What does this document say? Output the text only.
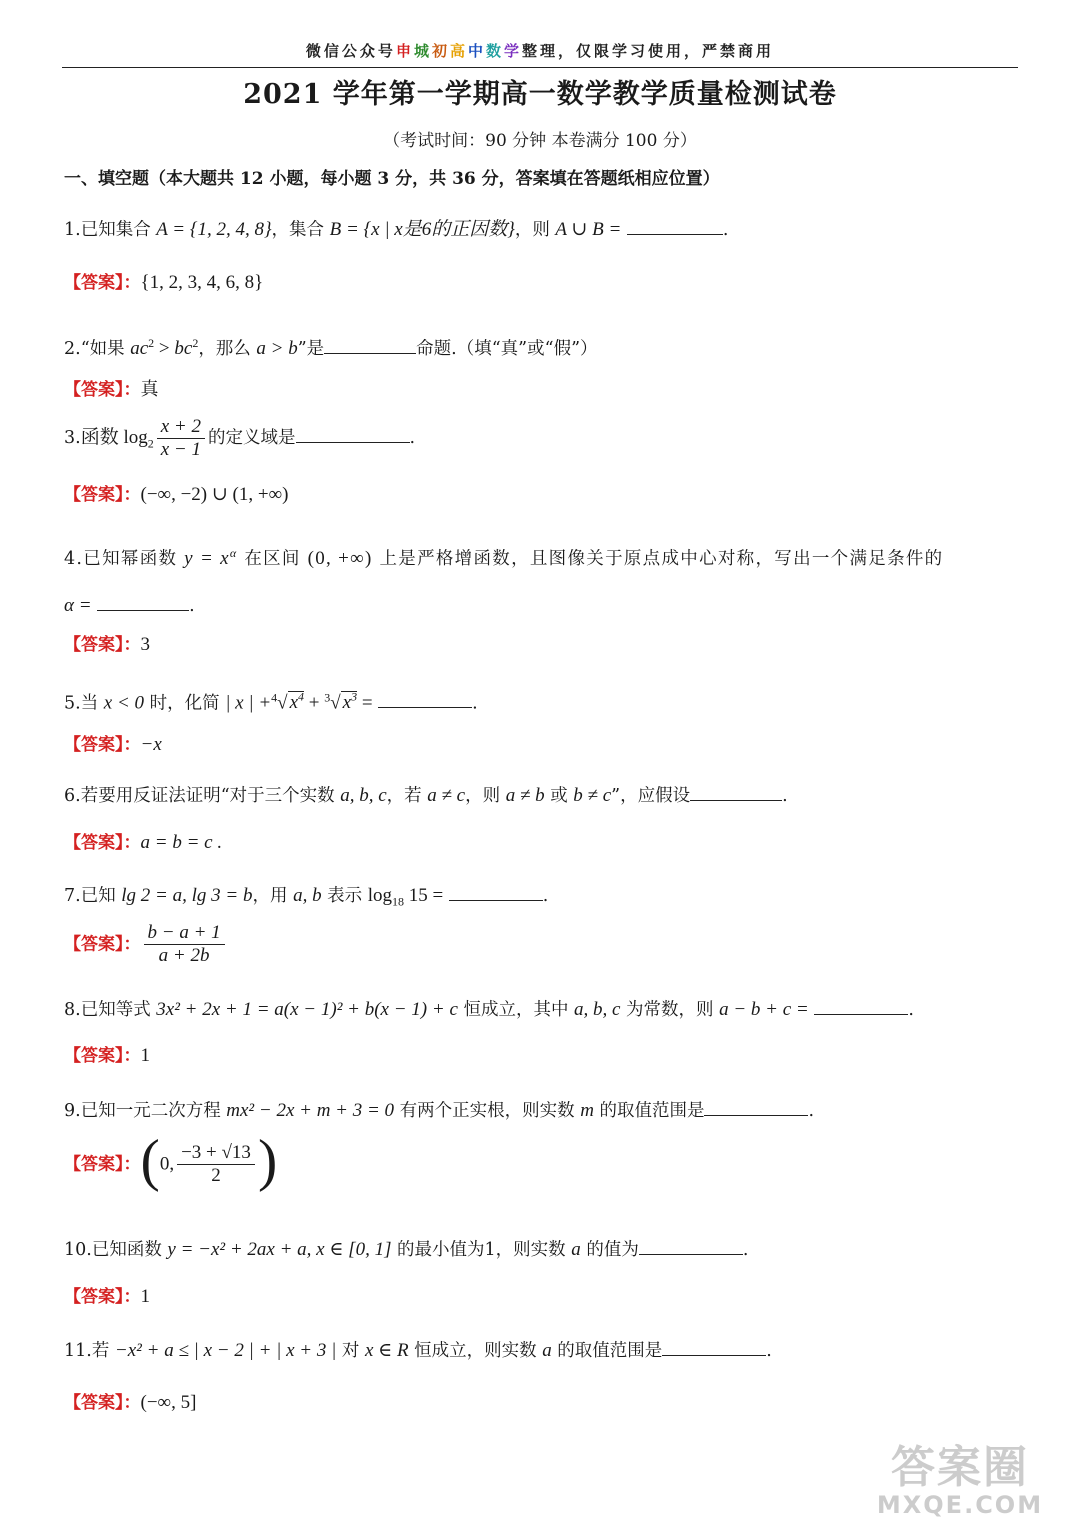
微信公众号申城初高中数学整理，仅限学习使用，严禁商用
2021 学年第一学期高一数学教学质量检测试卷
（考试时间：90 分钟 本卷满分 100 分）
一、填空题（本大题共 12 小题，每小题 3 分，共 36 分，答案填在答题纸相应位置）
1.已知集合 A = {1, 2, 4, 8}，集合 B = {x | x是6的正因数}，则 A ∪ B =	.
【答案】：{1, 2, 3, 4, 6, 8}
2.“如果 $ac^2 > bc^2$，那么 a > b”是	命题.（填“真”或“假”）
【答案】：真
3.函数 $\log_2 \frac{x + 2}{x - 1}$ 的定义域是	.
【答案】：(−∞, −2) ∪ (1, +∞)
4.已知幂函数 $y = x^\alpha$ 在区间 (0, +∞) 上是严格增函数，且图像关于原点成中心对称，写出一个满足条件的
α =	.
【答案】：3
5.当 x < 0 时，化简 | x | +$^4$√ $x^4 + ^3√$ $x^3$ =	.
【答案】：−x
6.若要用反证法证明“对于三个实数 a, b, c，若 a ≠ c，则 a ≠ b 或 b ≠ c”，应假设	.
【答案】：a = b = c .
7.已知 lg 2 = a, lg 3 = b，用 a, b 表示 $\log_{18} 15$ =	.
【答案】： $\frac{b - a + 1}{a + 2b}$
8.已知等式 3x² + 2x + 1 = a(x − 1)² + b(x − 1) + c 恒成立，其中 a, b, c 为常数，则 a − b + c =	.
【答案】：1
9.已知一元二次方程 mx² − 2x + m + 3 = 0 有两个正实根，则实数 m 的取值范围是	.
【答案】：(0, $\frac{-3 + √13}{2}$ )
10.已知函数 y = −x² + 2ax + a, x ∈ [0, 1] 的最小值为1，则实数 a 的值为	.
【答案】：1
11.若 −x² + a ≤ | x − 2 | + | x + 3 | 对 x ∈ R 恒成立，则实数 a 的取值范围是	.
【答案】：(−∞, 5]
答案圈
MXQE.COM
